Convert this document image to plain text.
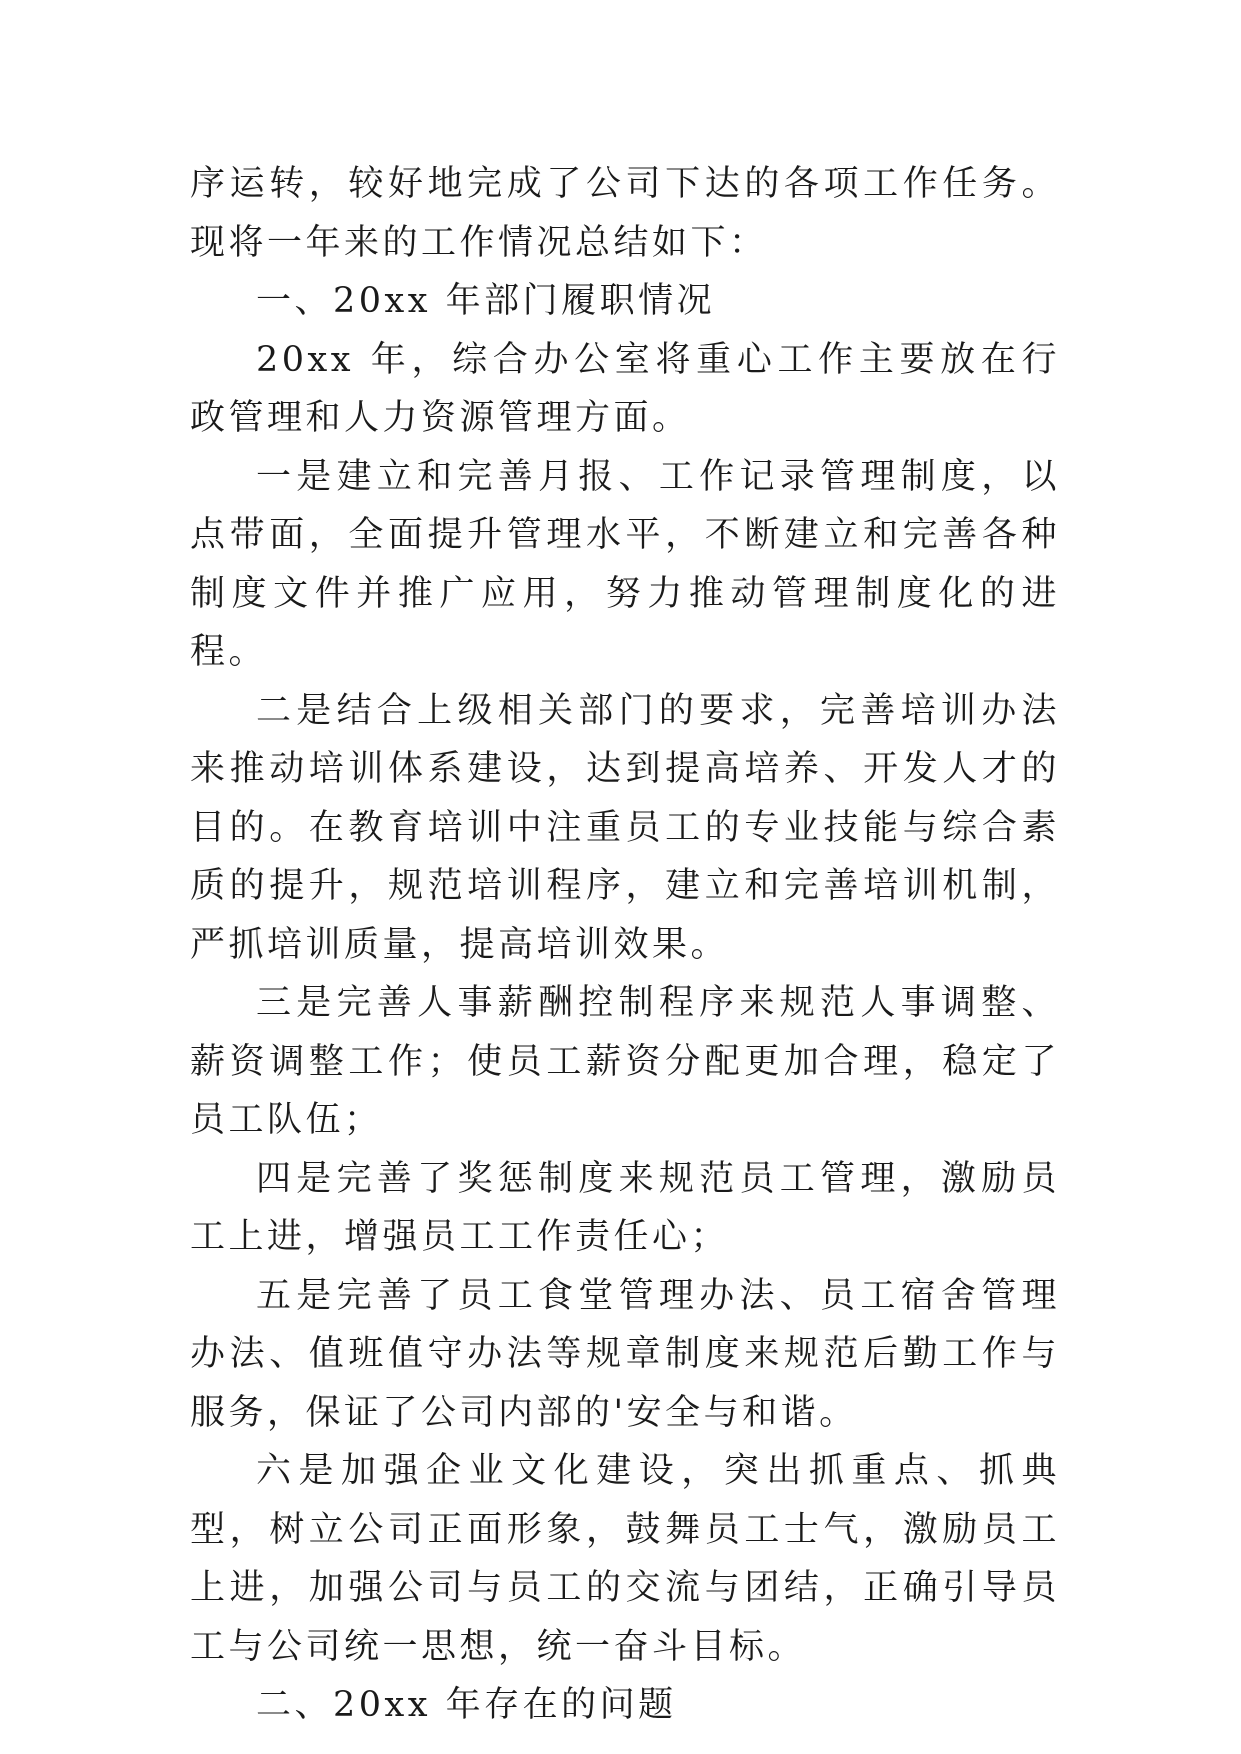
序运转，较好地完成了公司下达的各项工作任务。现将一年来的工作情况总结如下：

一、20xx 年部门履职情况

20xx 年，综合办公室将重心工作主要放在行政管理和人力资源管理方面。

一是建立和完善月报、工作记录管理制度，以点带面，全面提升管理水平，不断建立和完善各种制度文件并推广应用，努力推动管理制度化的进程。

二是结合上级相关部门的要求，完善培训办法来推动培训体系建设，达到提高培养、开发人才的目的。在教育培训中注重员工的专业技能与综合素质的提升，规范培训程序，建立和完善培训机制，严抓培训质量，提高培训效果。

三是完善人事薪酬控制程序来规范人事调整、薪资调整工作；使员工薪资分配更加合理，稳定了员工队伍；

四是完善了奖惩制度来规范员工管理，激励员工上进，增强员工工作责任心；

五是完善了员工食堂管理办法、员工宿舍管理办法、值班值守办法等规章制度来规范后勤工作与服务，保证了公司内部的'安全与和谐。

六是加强企业文化建设，突出抓重点、抓典型，树立公司正面形象，鼓舞员工士气，激励员工上进，加强公司与员工的交流与团结，正确引导员工与公司统一思想，统一奋斗目标。

二、20xx 年存在的问题
